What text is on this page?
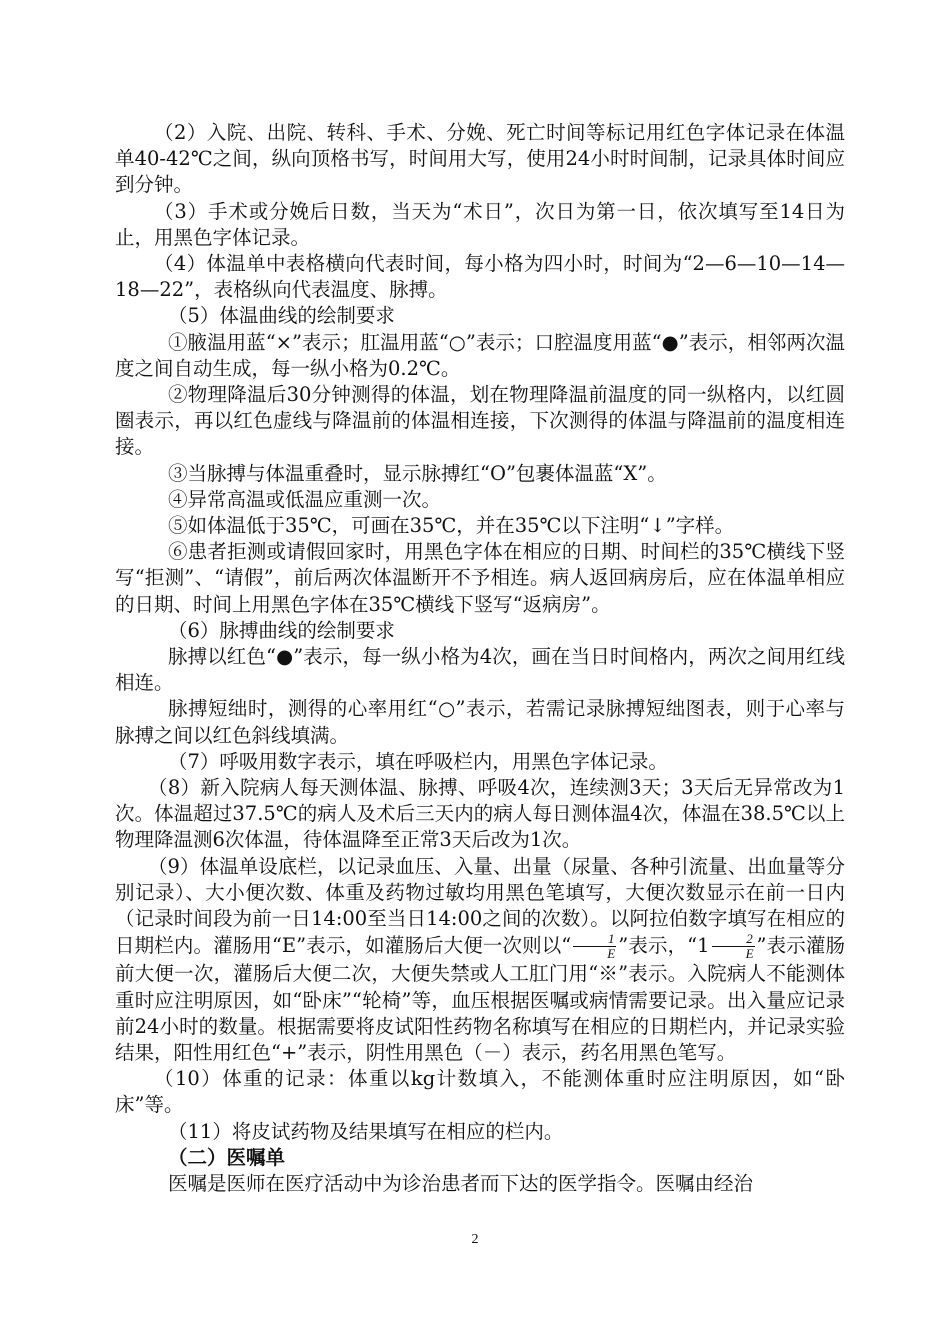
（2）入院、出院、转科、手术、分娩、死亡时间等标记用红色字体记录在体温单40-42℃之间，纵向顶格书写，时间用大写，使用24小时时间制，记录具体时间应到分钟。

（3）手术或分娩后日数，当天为“术日”，次日为第一日，依次填写至14日为止，用黑色字体记录。

（4）体温单中表格横向代表时间，每小格为四小时，时间为“2—6—10—14—18—22”，表格纵向代表温度、脉搏。

（5）体温曲线的绘制要求

①腋温用蓝“×”表示；肛温用蓝“○”表示；口腔温度用蓝“●”表示，相邻两次温度之间自动生成，每一纵小格为0.2℃。

②物理降温后30分钟测得的体温，划在物理降温前温度的同一纵格内，以红圆圈表示，再以红色虚线与降温前的体温相连接，下次测得的体温与降温前的温度相连接。

③当脉搏与体温重叠时，显示脉搏红“O”包裹体温蓝“X”。

④异常高温或低温应重测一次。

⑤如体温低于35℃，可画在35℃，并在35℃以下注明“↓”字样。

⑥患者拒测或请假回家时，用黑色字体在相应的日期、时间栏的35℃横线下竖写“拒测”、“请假”，前后两次体温断开不予相连。病人返回病房后，应在体温单相应的日期、时间上用黑色字体在35℃横线下竖写“返病房”。

（6）脉搏曲线的绘制要求

脉搏以红色“●”表示，每一纵小格为4次，画在当日时间格内，两次之间用红线相连。

脉搏短绌时，测得的心率用红“○”表示，若需记录脉搏短绌图表，则于心率与脉搏之间以红色斜线填满。

（7）呼吸用数字表示，填在呼吸栏内，用黑色字体记录。

（8）新入院病人每天测体温、脉搏、呼吸4次，连续测3天；3天后无异常改为1次。体温超过37.5℃的病人及术后三天内的病人每日测体温4次，体温在38.5℃以上物理降温测6次体温，待体温降至正常3天后改为1次。

（9）体温单设底栏，以记录血压、入量、出量（尿量、各种引流量、出血量等分别记录）、大小便次数、体重及药物过敏均用黑色笔填写，大便次数显示在前一日内（记录时间段为前一日14:00至当日14:00之间的次数）。以阿拉伯数字填写在相应的日期栏内。灌肠用“E”表示，如灌肠后大便一次则以“ $\frac{1}{E}$ ”表示，“$1 \frac{2}{E}$ ”表示灌肠前大便一次，灌肠后大便二次，大便失禁或人工肛门用“※”表示。入院病人不能测体重时应注明原因，如“卧床”“轮椅”等，血压根据医嘱或病情需要记录。出入量应记录前24小时的数量。根据需要将皮试阳性药物名称填写在相应的日期栏内，并记录实验结果，阳性用红色“+”表示，阴性用黑色（－）表示，药名用黑色笔写。

（10）体重的记录：体重以kg计数填入，不能测体重时应注明原因，如“卧床”等。

（11）将皮试药物及结果填写在相应的栏内。

（二）医嘱单

医嘱是医师在医疗活动中为诊治患者而下达的医学指令。医嘱由经治

2
